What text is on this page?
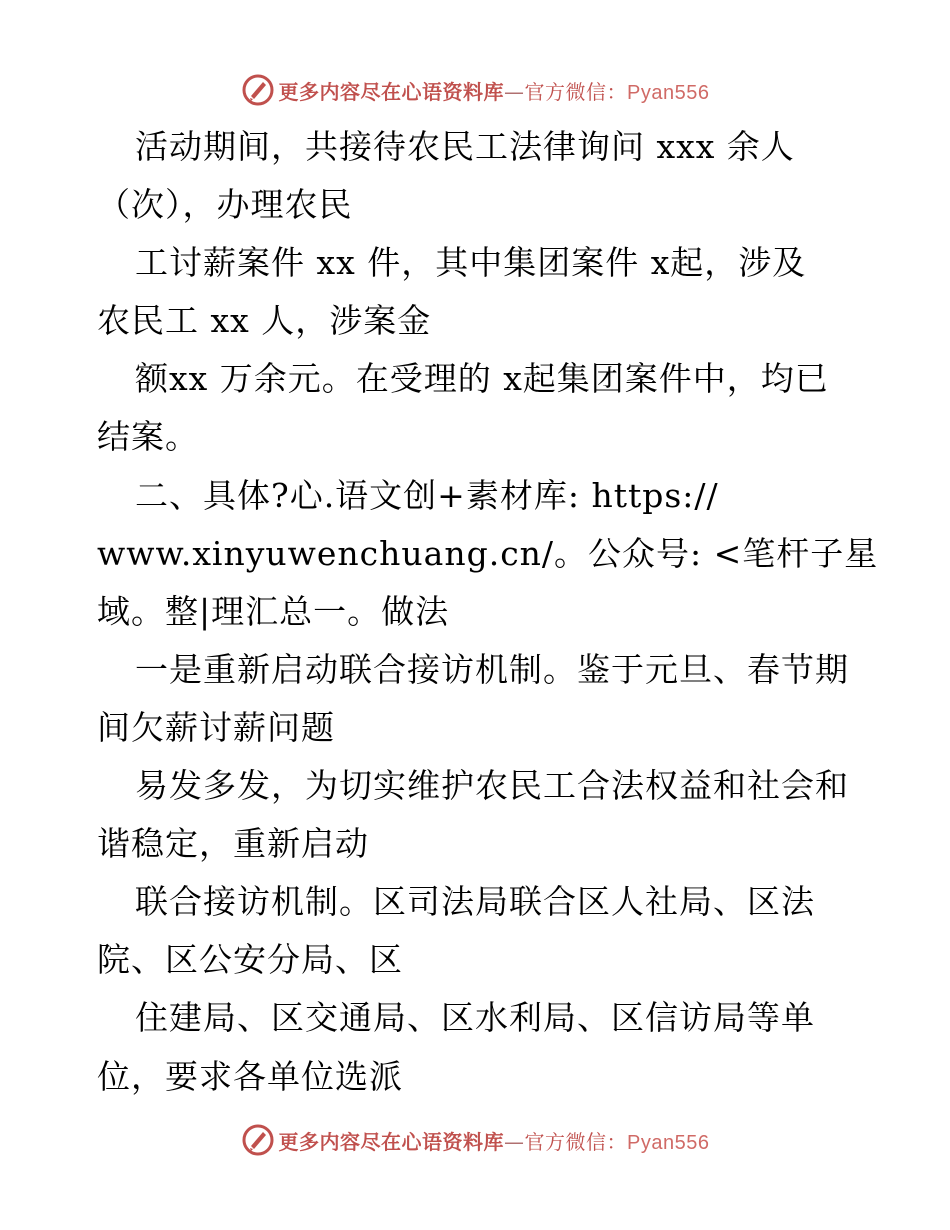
更多内容尽在心语资料库—官方微信：Pyan556
活动期间，共接待农民工法律询问 xxx 余人
（次），办理农民
工讨薪案件 xx 件，其中集团案件 x起，涉及
农民工 xx 人，涉案金
额xx 万余元。在受理的 x起集团案件中，均已
结案。
二、具体?心.语文创+素材库: https://
www.xinyuwenchuang.cn/。公众号: <笔杆子星
域。整|理汇总一。做法
一是重新启动联合接访机制。鉴于元旦、春节期
间欠薪讨薪问题
易发多发，为切实维护农民工合法权益和社会和
谐稳定，重新启动
联合接访机制。区司法局联合区人社局、区法
院、区公安分局、区
住建局、区交通局、区水利局、区信访局等单
位，要求各单位选派
更多内容尽在心语资料库—官方微信：Pyan556
